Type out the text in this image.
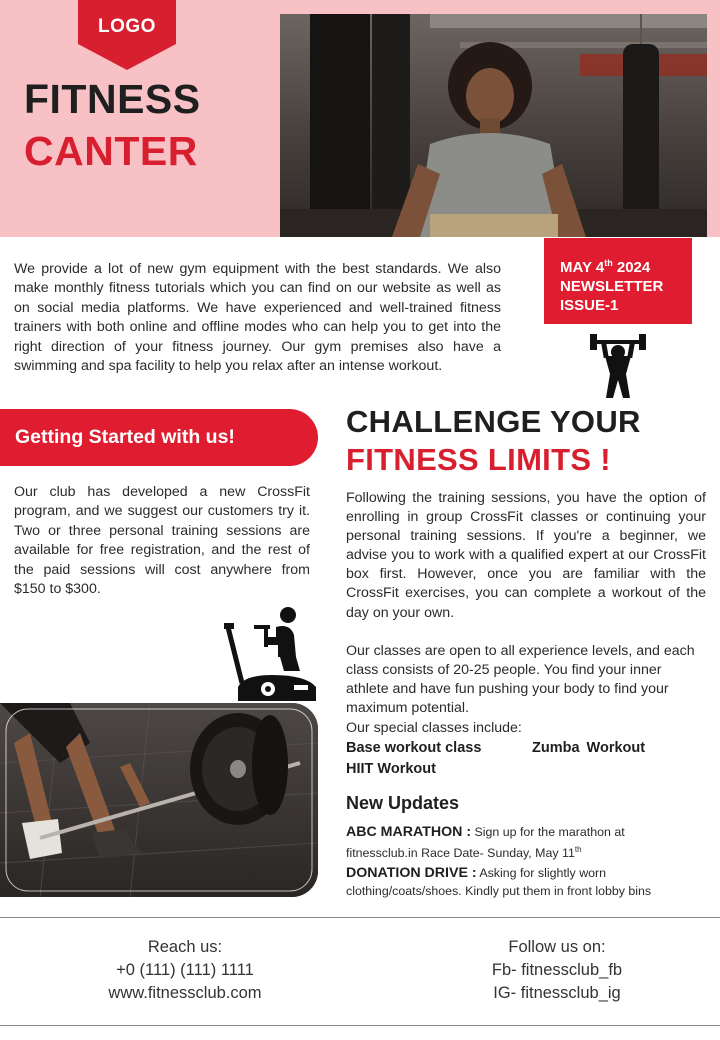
LOGO
FITNESS
CANTER

We provide a lot of new gym equipment with the best standards. We also make monthly fitness tutorials which you can find on our website as well as on social media platforms. We have experienced and well-trained fitness trainers with both online and offline modes who can help you to get into the right direction of your fitness journey. Our gym premises also have a swimming and spa facility to help you relax after an intense workout.

MAY 4th 2024
NEWSLETTER
ISSUE-1
Getting Started with us!

Our club has developed a new CrossFit program, and we suggest our customers try it. Two or three personal training sessions are available for free registration, and the rest of the paid sessions will cost anywhere from $150 to $300.

CHALLENGE YOUR
FITNESS LIMITS !

Following the training sessions, you have the option of enrolling in group CrossFit classes or continuing your personal training sessions. If you're a beginner, we advise you to work with a qualified expert at our CrossFit box first. However, once you are familiar with the CrossFit exercises, you can complete a workout of the day on your own.

Our classes are open to all experience levels, and each class consists of 20-25 people. You find your inner athlete and have fun pushing your body to find your maximum potential.

Our special classes include:
Base workout class	Zumba Workout
HIIT Workout
New Updates

ABC MARATHON : Sign up for the marathon at fitnessclub.in Race Date- Sunday, May 11th

DONATION DRIVE : Asking for slightly worn clothing/coats/shoes. Kindly put them in front lobby bins

Reach us:
+0 (111) (111) 1111
www.fitnessclub.com
Follow us on:
Fb- fitnessclub_fb
IG- fitnessclub_ig
